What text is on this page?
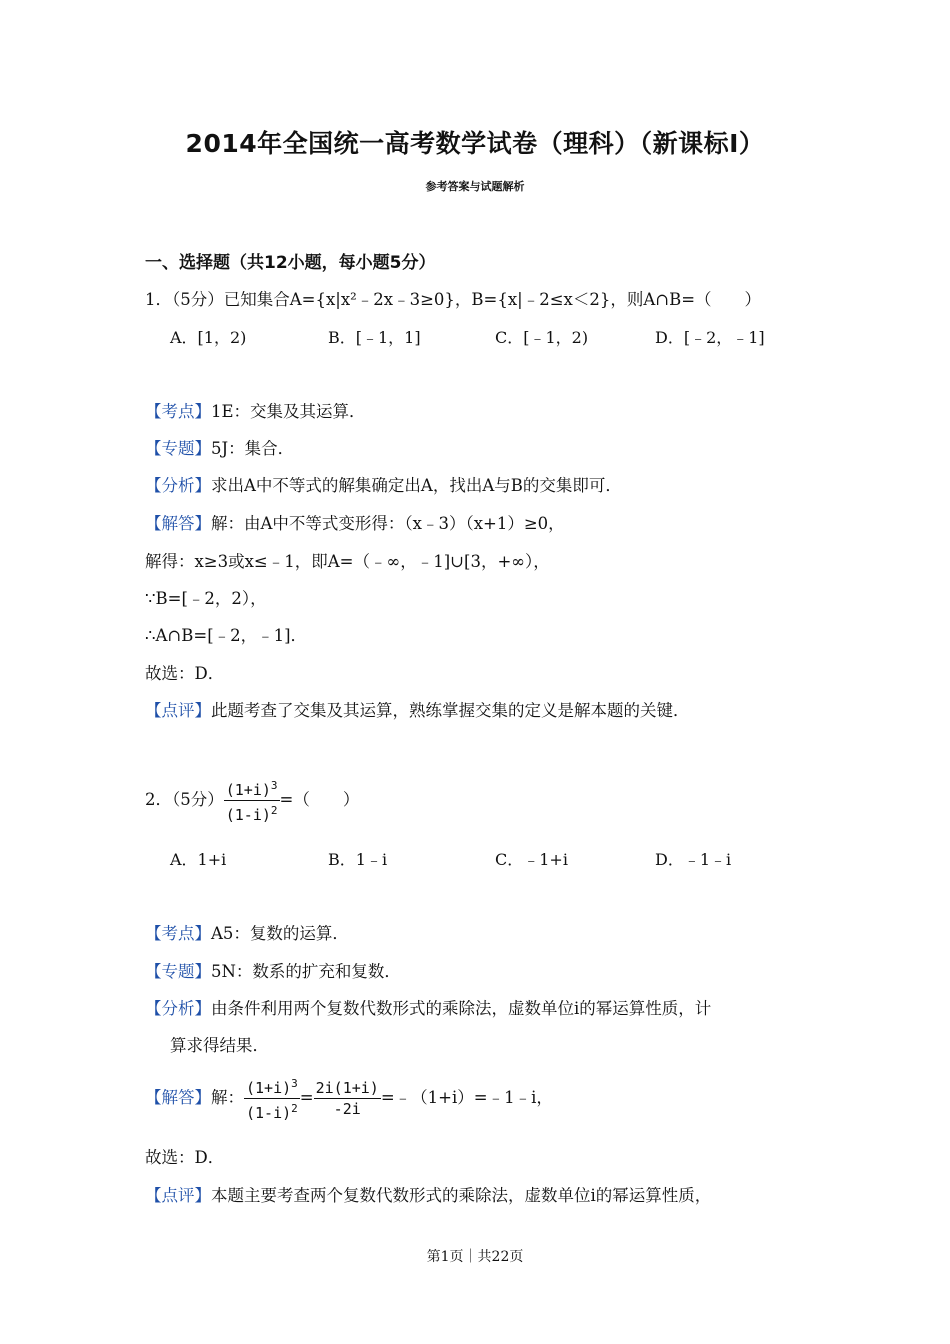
2014年全国统一高考数学试卷（理科）（新课标Ⅰ）
参考答案与试题解析
一、选择题（共12小题，每小题5分）
1．（5分）已知集合A={x|x²﹣2x﹣3≥0}，B={x|﹣2≤x＜2}，则A∩B=（　　）
A．[1，2)	B．[﹣1，1]	C．[﹣1，2)	D．[﹣2，﹣1]
【考点】1E：交集及其运算．
【专题】5J：集合．
【分析】求出A中不等式的解集确定出A，找出A与B的交集即可．
【解答】解：由A中不等式变形得：（x﹣3）（x+1）≥0，
解得：x≥3或x≤﹣1，即A=（﹣∞，﹣1]∪[3，+∞），
∵B=[﹣2，2），
∴A∩B=[﹣2，﹣1]．
故选：D．
【点评】此题考查了交集及其运算，熟练掌握交集的定义是解本题的关键．
2．（5分） $\frac{(1+i)^3}{(1-i)^2}$ =（　　）
A．1+i	B．1﹣i	C．﹣1+i	D．﹣1﹣i
【考点】A5：复数的运算．
【专题】5N：数系的扩充和复数．
【分析】由条件利用两个复数代数形式的乘除法，虚数单位i的幂运算性质，计
算求得结果．
【解答】解： $\frac{(1+i)^3}{(1-i)^2} = \frac{2i(1+i)}{-2i}$ =﹣（1+i）=﹣1﹣i，
故选：D．
【点评】本题主要考查两个复数代数形式的乘除法，虚数单位i的幂运算性质，
第1页｜共22页
